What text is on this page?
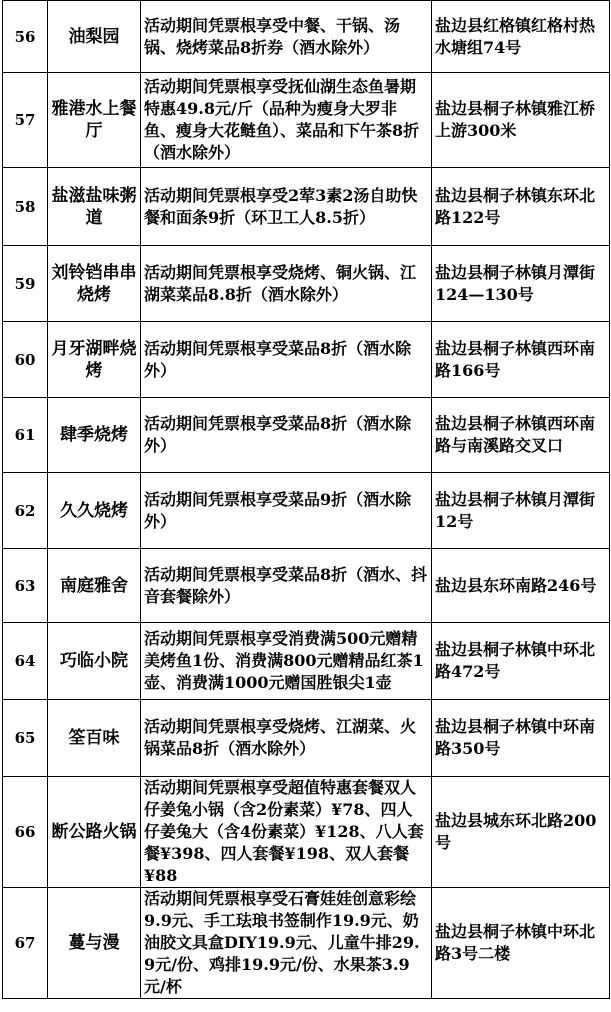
56	油梨园	活动期间凭票根享受中餐、干锅、汤锅、烧烤菜品8折券（酒水除外）	盐边县红格镇红格村热水塘组74号
57	雅港水上餐厅	活动期间凭票根享受抚仙湖生态鱼暑期特惠49.8元/斤（品种为瘦身大罗非鱼、瘦身大花鲢鱼）、菜品和下午茶8折（酒水除外）	盐边县桐子林镇雅江桥上游300米
58	盐滋盐味粥道	活动期间凭票根享受2荤3素2汤自助快餐和面条9折（环卫工人8.5折）	盐边县桐子林镇东环北路122号
59	刘铃铛串串烧烤	活动期间凭票根享受烧烤、铜火锅、江湖菜菜品8.8折（酒水除外）	盐边县桐子林镇月潭街124—130号
60	月牙湖畔烧烤	活动期间凭票根享受菜品8折（酒水除外）	盐边县桐子林镇西环南路166号
61	肆季烧烤	活动期间凭票根享受菜品8折（酒水除外）	盐边县桐子林镇西环南路与南溪路交叉口
62	久久烧烤	活动期间凭票根享受菜品9折（酒水除外）	盐边县桐子林镇月潭街12号
63	南庭雅舍	活动期间凭票根享受菜品8折（酒水、抖音套餐除外）	盐边县东环南路246号
64	巧临小院	活动期间凭票根享受消费满500元赠精美烤鱼1份、消费满800元赠精品红茶1壶、消费满1000元赠国胜银尖1壶	盐边县桐子林镇中环北路472号
65	筌百味	活动期间凭票根享受烧烤、江湖菜、火锅菜品8折（酒水除外）	盐边县桐子林镇中环南路350号
66	断公路火锅	活动期间凭票根享受超值特惠套餐双人仔姜兔小锅（含2份素菜）¥78、四人仔姜兔大（含4份素菜）¥128、八人套餐¥398、四人套餐¥198、双人套餐¥88	盐边县城东环北路200号
67	蔓与漫	活动期间凭票根享受石膏娃娃创意彩绘9.9元、手工珐琅书签制作19.9元、奶油胶文具盒DIY19.9元、儿童牛排29.9元/份、鸡排19.9元/份、水果茶3.9元/杯	盐边县桐子林镇中环北路3号二楼
